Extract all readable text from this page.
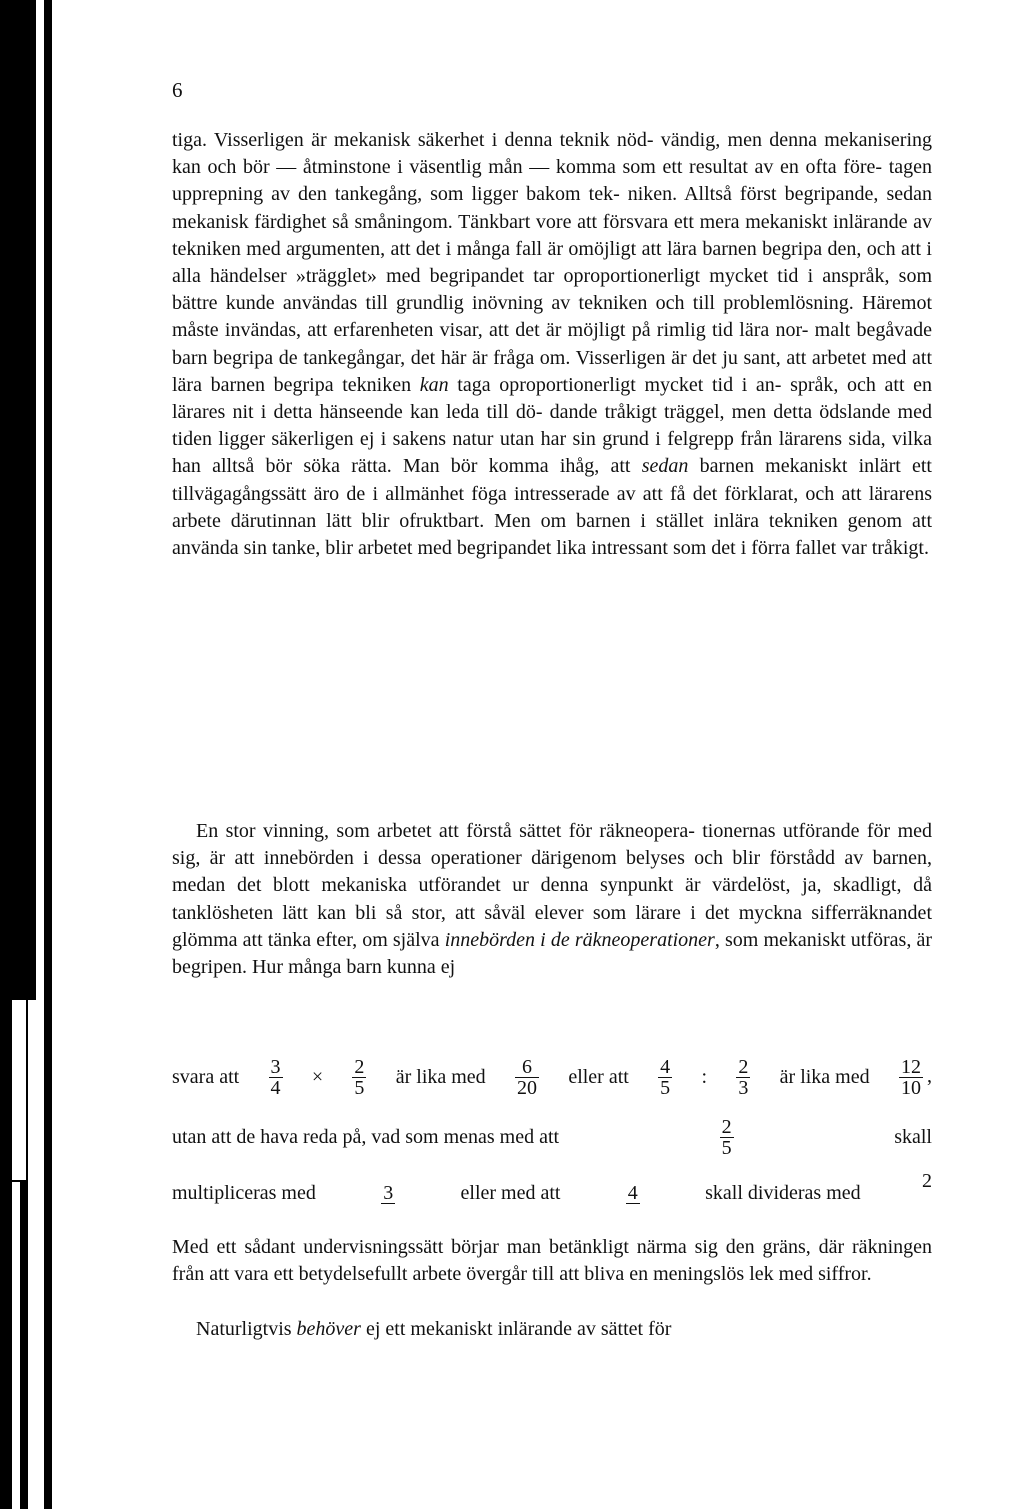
6
tiga. Visserligen är mekanisk säkerhet i denna teknik nöd- vändig, men denna mekanisering kan och bör — åtminstone i väsentlig mån — komma som ett resultat av en ofta före- tagen upprepning av den tankegång, som ligger bakom tek- niken. Alltså först begripande, sedan mekanisk färdighet så småningom. Tänkbart vore att försvara ett mera mekaniskt inlärande av tekniken med argumenten, att det i många fall är omöjligt att lära barnen begripa den, och att i alla händelser »trägglet» med begripandet tar oproportionerligt mycket tid i anspråk, som bättre kunde användas till grundlig inövning av tekniken och till problemlösning. Häremot måste invändas, att erfarenheten visar, att det är möjligt på rimlig tid lära nor- malt begåvade barn begripa de tankegångar, det här är fråga om. Visserligen är det ju sant, att arbetet med att lära barnen begripa tekniken kan taga oproportionerligt mycket tid i an- språk, och att en lärares nit i detta hänseende kan leda till dö- dande tråkigt träggel, men detta ödslande med tiden ligger säkerligen ej i sakens natur utan har sin grund i felgrepp från lärarens sida, vilka han alltså bör söka rätta. Man bör komma ihåg, att sedan barnen mekaniskt inlärt ett tillvägagångssätt äro de i allmänhet föga intresserade av att få det förklarat, och att lärarens arbete därutinnan lätt blir ofruktbart. Men om barnen i stället inlära tekniken genom att använda sin tanke, blir arbetet med begripandet lika intressant som det i förra fallet var tråkigt.
En stor vinning, som arbetet att förstå sättet för räkneopera- tionernas utförande för med sig, är att innebörden i dessa operationer därigenom belyses och blir förstådd av barnen, medan det blott mekaniska utförandet ur denna synpunkt är värdelöst, ja, skadligt, då tanklösheten lätt kan bli så stor, att såväl elever som lärare i det myckna sifferräknandet glömma att tänka efter, om själva innebörden i de räkneoperationer, som mekaniskt utföras, är begripen. Hur många barn kunna ej
svara att $\frac{3}{4} \times \frac{2}{5}$ är lika med $\frac{6}{20}$ eller att $\frac{4}{5}$ : $\frac{2}{3}$ är lika med $\frac{12}{10}$ ,
utan att de hava reda på, vad som menas med att	$\frac{2}{5}$	skall
multipliceras med	3	eller med att	4	skall divideras med
2
Med ett sådant undervisningssätt börjar man betänkligt närma sig den gräns, där räkningen från att vara ett betydelsefullt arbete övergår till att bliva en meningslös lek med siffror.
Naturligtvis behöver ej ett mekaniskt inlärande av sättet för
